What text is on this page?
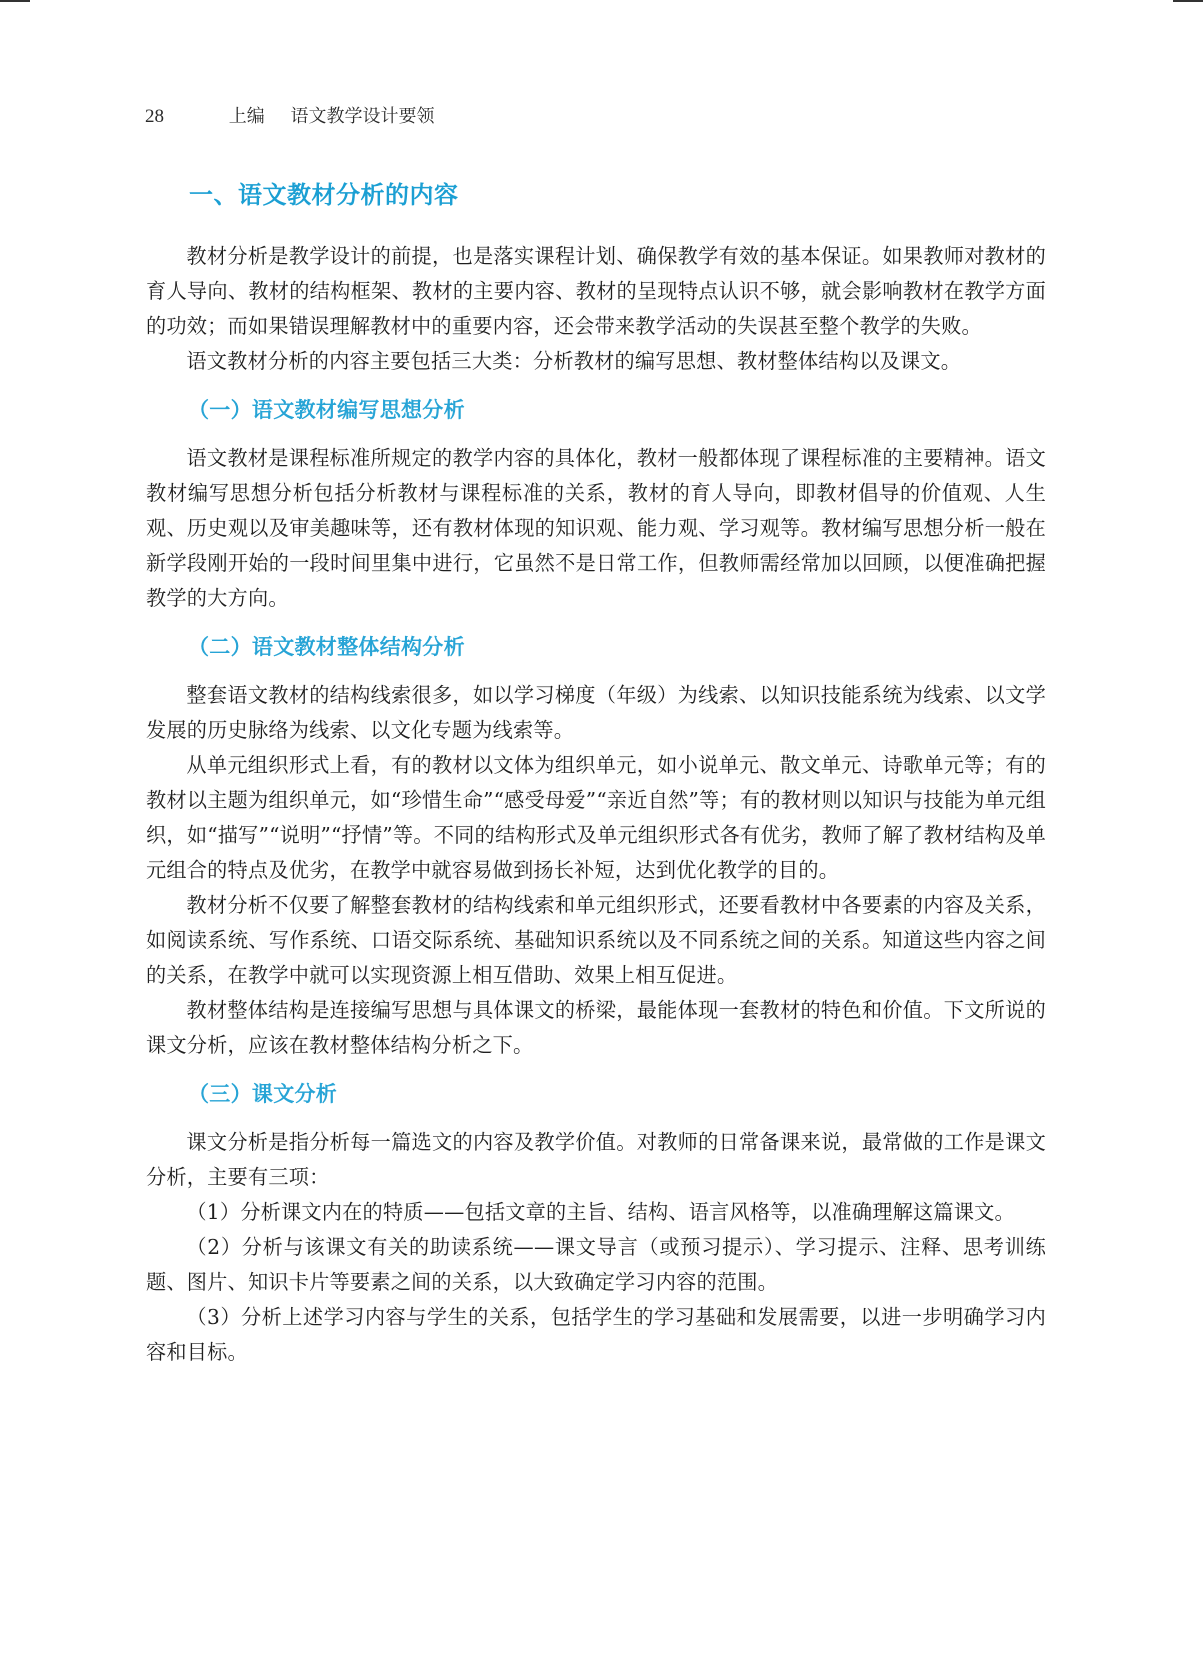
28	上编 语文教学设计要领
一、语文教材分析的内容

教材分析是教学设计的前提，也是落实课程计划、确保教学有效的基本保证。如果教师对教材的育人导向、教材的结构框架、教材的主要内容、教材的呈现特点认识不够，就会影响教材在教学方面的功效；而如果错误理解教材中的重要内容，还会带来教学活动的失误甚至整个教学的失败。

语文教材分析的内容主要包括三大类：分析教材的编写思想、教材整体结构以及课文。

（一）语文教材编写思想分析

语文教材是课程标准所规定的教学内容的具体化，教材一般都体现了课程标准的主要精神。语文教材编写思想分析包括分析教材与课程标准的关系，教材的育人导向，即教材倡导的价值观、人生观、历史观以及审美趣味等，还有教材体现的知识观、能力观、学习观等。教材编写思想分析一般在新学段刚开始的一段时间里集中进行，它虽然不是日常工作，但教师需经常加以回顾，以便准确把握教学的大方向。

（二）语文教材整体结构分析

整套语文教材的结构线索很多，如以学习梯度（年级）为线索、以知识技能系统为线索、以文学发展的历史脉络为线索、以文化专题为线索等。

从单元组织形式上看，有的教材以文体为组织单元，如小说单元、散文单元、诗歌单元等；有的教材以主题为组织单元，如“珍惜生命”“感受母爱”“亲近自然”等；有的教材则以知识与技能为单元组织，如“描写”“说明”“抒情”等。不同的结构形式及单元组织形式各有优劣，教师了解了教材结构及单元组合的特点及优劣，在教学中就容易做到扬长补短，达到优化教学的目的。

教材分析不仅要了解整套教材的结构线索和单元组织形式，还要看教材中各要素的内容及关系，如阅读系统、写作系统、口语交际系统、基础知识系统以及不同系统之间的关系。知道这些内容之间的关系，在教学中就可以实现资源上相互借助、效果上相互促进。

教材整体结构是连接编写思想与具体课文的桥梁，最能体现一套教材的特色和价值。下文所说的课文分析，应该在教材整体结构分析之下。

（三）课文分析

课文分析是指分析每一篇选文的内容及教学价值。对教师的日常备课来说，最常做的工作是课文分析，主要有三项：

（1）分析课文内在的特质——包括文章的主旨、结构、语言风格等，以准确理解这篇课文。

（2）分析与该课文有关的助读系统——课文导言（或预习提示）、学习提示、注释、思考训练题、图片、知识卡片等要素之间的关系，以大致确定学习内容的范围。

（3）分析上述学习内容与学生的关系，包括学生的学习基础和发展需要，以进一步明确学习内容和目标。
